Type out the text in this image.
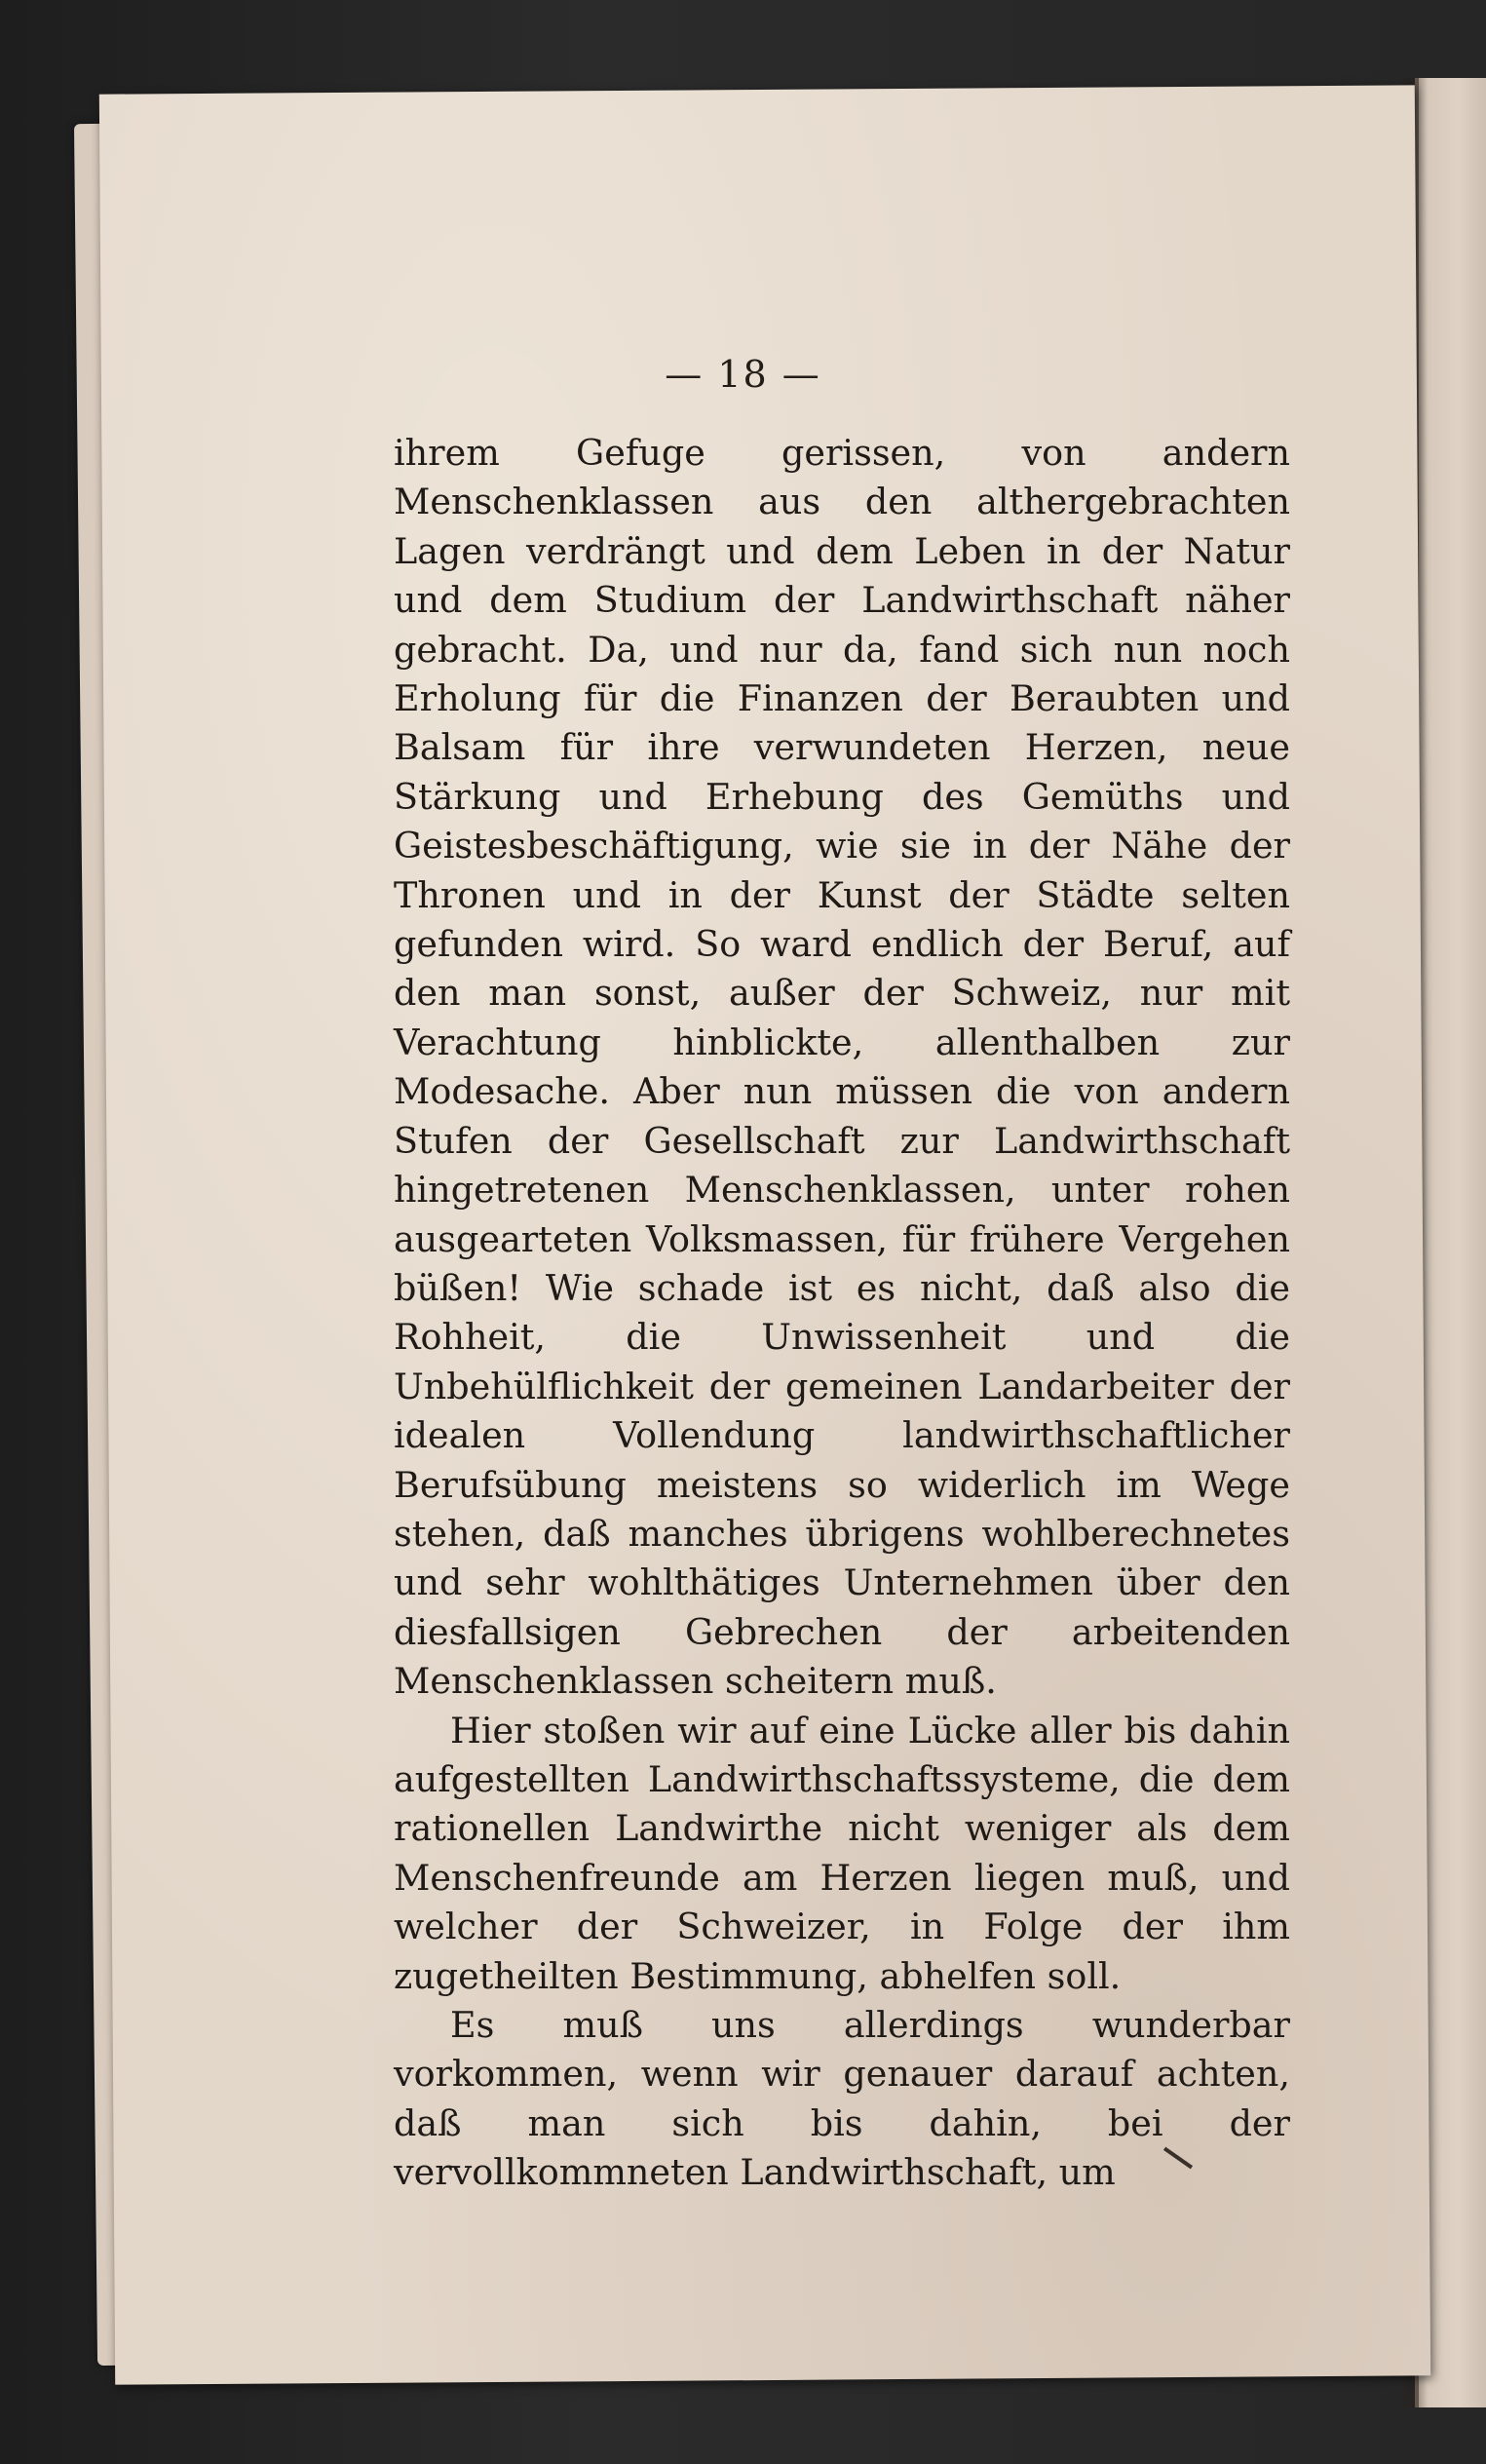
— 18 —

ihrem Gefuge gerissen, von andern Menschenklassen aus den althergebrachten Lagen verdrängt und dem Leben in der Natur und dem Studium der Landwirthschaft näher gebracht. Da, und nur da, fand sich nun noch Erholung für die Finanzen der Beraubten und Balsam für ihre verwundeten Herzen, neue Stärkung und Erhebung des Gemüths und Geistesbeschäftigung, wie sie in der Nähe der Thronen und in der Kunst der Städte selten gefunden wird. So ward endlich der Beruf, auf den man sonst, außer der Schweiz, nur mit Verachtung hinblickte, allenthalben zur Modesache. Aber nun müssen die von andern Stufen der Gesellschaft zur Landwirthschaft hingetretenen Menschenklassen, unter rohen ausgearteten Volksmassen, für frühere Vergehen büßen! Wie schade ist es nicht, daß also die Rohheit, die Unwissenheit und die Unbehülflichkeit der gemeinen Landarbeiter der idealen Vollendung landwirthschaftlicher Berufsübung meistens so widerlich im Wege stehen, daß manches übrigens wohlberechnetes und sehr wohlthätiges Unternehmen über den diesfallsigen Gebrechen der arbeitenden Menschenklassen scheitern muß.

Hier stoßen wir auf eine Lücke aller bis dahin aufgestellten Landwirthschaftssysteme, die dem rationellen Landwirthe nicht weniger als dem Menschenfreunde am Herzen liegen muß, und welcher der Schweizer, in Folge der ihm zugetheilten Bestimmung, abhelfen soll.

Es muß uns allerdings wunderbar vorkommen, wenn wir genauer darauf achten, daß man sich bis dahin, bei der vervollkommneten Landwirthschaft, um
